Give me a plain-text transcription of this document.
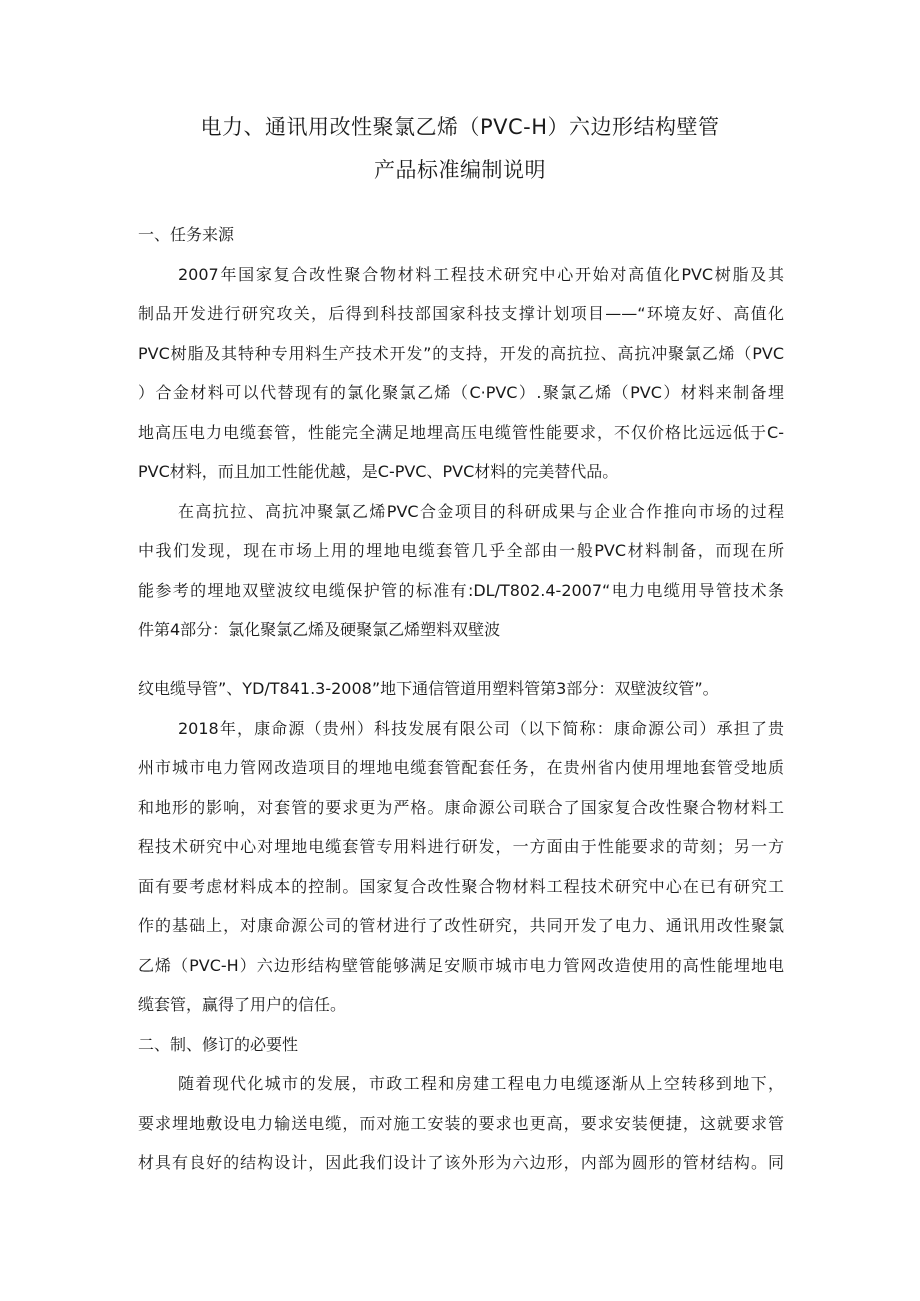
电力、通讯用改性聚氯乙烯（PVC-H）六边形结构壁管
产品标准编制说明
一、任务来源
2007年国家复合改性聚合物材料工程技术研究中心开始对高值化PVC树脂及其
制品开发进行研究攻关，后得到科技部国家科技支撑计划项目——“环境友好、高值化
PVC树脂及其特种专用料生产技术开发”的支持，开发的高抗拉、高抗冲聚氯乙烯（PVC
）合金材料可以代替现有的氯化聚氯乙烯（C·PVC）.聚氯乙烯（PVC）材料来制备埋
地高压电力电缆套管，性能完全满足地埋高压电缆管性能要求，不仅价格比远远低于C-
PVC材料，而且加工性能优越，是C-PVC、PVC材料的完美替代品。
在高抗拉、高抗冲聚氯乙烯PVC合金项目的科研成果与企业合作推向市场的过程
中我们发现，现在市场上用的埋地电缆套管几乎全部由一般PVC材料制备，而现在所
能参考的埋地双壁波纹电缆保护管的标准有:DL/T802.4-2007“电力电缆用导管技术条
件第4部分：氯化聚氯乙烯及硬聚氯乙烯塑料双壁波
纹电缆导管”、YD/T841.3-2008”地下通信管道用塑料管第3部分：双壁波纹管”。
2018年，康命源（贵州）科技发展有限公司（以下简称：康命源公司）承担了贵
州市城市电力管网改造项目的埋地电缆套管配套任务，在贵州省内使用埋地套管受地质
和地形的影响，对套管的要求更为严格。康命源公司联合了国家复合改性聚合物材料工
程技术研究中心对埋地电缆套管专用料进行研发，一方面由于性能要求的苛刻；另一方
面有要考虑材料成本的控制。国家复合改性聚合物材料工程技术研究中心在已有研究工
作的基础上，对康命源公司的管材进行了改性研究，共同开发了电力、通讯用改性聚氯
乙烯（PVC-H）六边形结构壁管能够满足安顺市城市电力管网改造使用的高性能埋地电
缆套管，赢得了用户的信任。
二、制、修订的必要性
随着现代化城市的发展，市政工程和房建工程电力电缆逐渐从上空转移到地下，
要求埋地敷设电力输送电缆，而对施工安装的要求也更高，要求安装便捷，这就要求管
材具有良好的结构设计，因此我们设计了该外形为六边形，内部为圆形的管材结构。同
